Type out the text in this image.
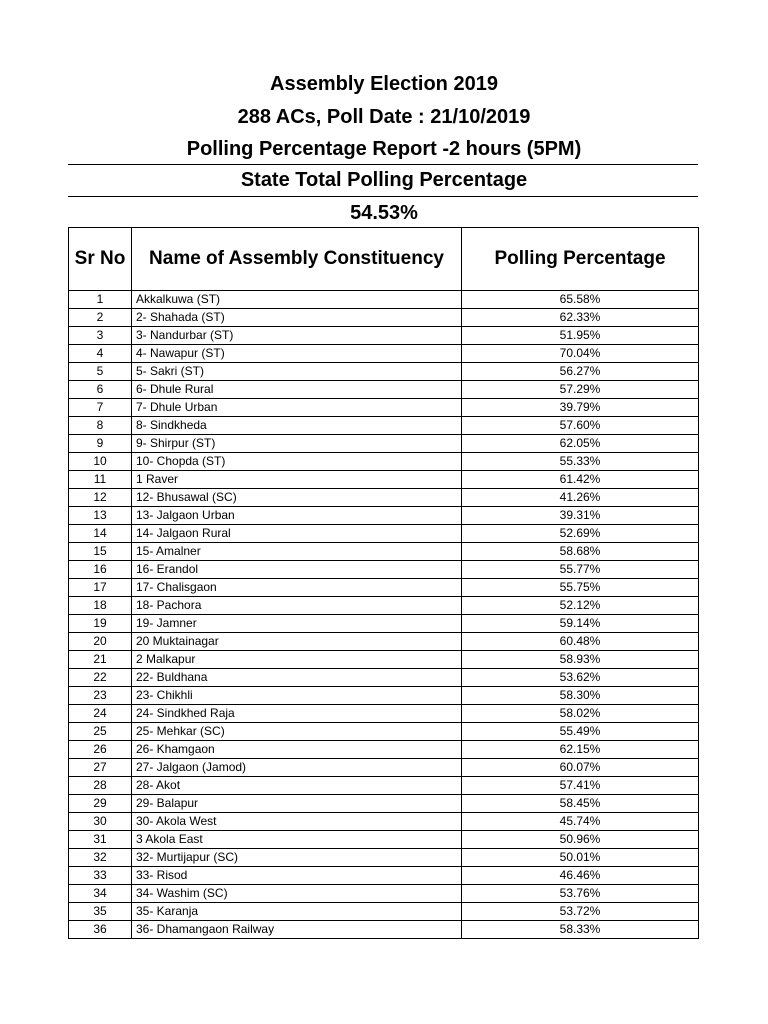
Assembly Election 2019
288 ACs, Poll Date : 21/10/2019
Polling Percentage Report -2 hours (5PM)
State Total Polling Percentage
54.53%
Sr No	Name of Assembly Constituency	Polling Percentage
1	Akkalkuwa (ST)	65.58%
2	2- Shahada (ST)	62.33%
3	3- Nandurbar (ST)	51.95%
4	4- Nawapur (ST)	70.04%
5	5- Sakri (ST)	56.27%
6	6- Dhule Rural	57.29%
7	7- Dhule Urban	39.79%
8	8- Sindkheda	57.60%
9	9- Shirpur (ST)	62.05%
10	10- Chopda (ST)	55.33%
11	1 Raver	61.42%
12	12- Bhusawal (SC)	41.26%
13	13- Jalgaon Urban	39.31%
14	14- Jalgaon Rural	52.69%
15	15- Amalner	58.68%
16	16- Erandol	55.77%
17	17- Chalisgaon	55.75%
18	18- Pachora	52.12%
19	19- Jamner	59.14%
20	20 Muktainagar	60.48%
21	2 Malkapur	58.93%
22	22- Buldhana	53.62%
23	23- Chikhli	58.30%
24	24- Sindkhed Raja	58.02%
25	25- Mehkar (SC)	55.49%
26	26- Khamgaon	62.15%
27	27- Jalgaon (Jamod)	60.07%
28	28- Akot	57.41%
29	29- Balapur	58.45%
30	30- Akola West	45.74%
31	3 Akola East	50.96%
32	32- Murtijapur (SC)	50.01%
33	33- Risod	46.46%
34	34- Washim (SC)	53.76%
35	35- Karanja	53.72%
36	36- Dhamangaon Railway	58.33%
